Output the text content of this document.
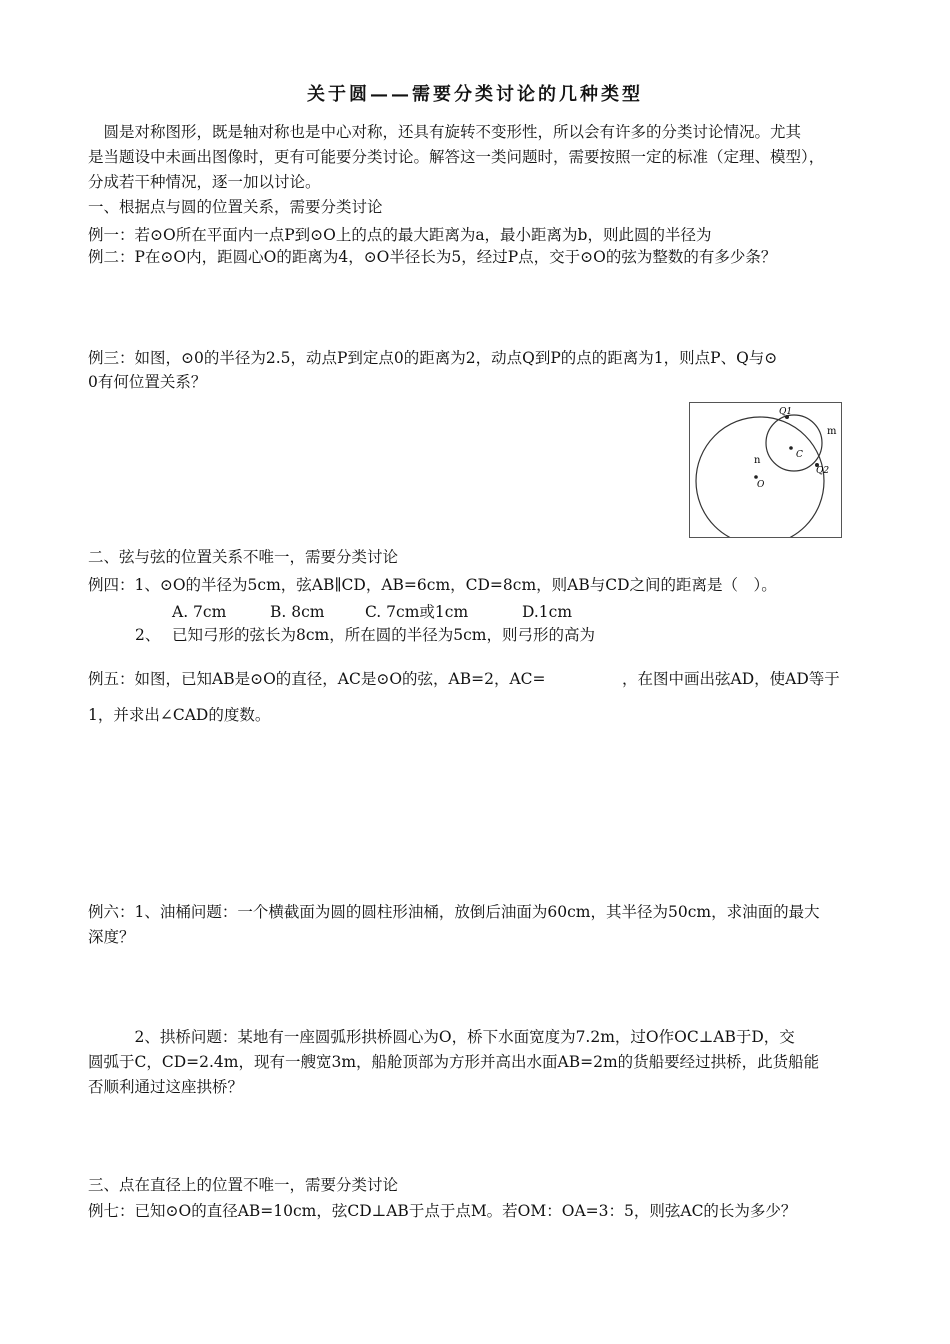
关于圆——需要分类讨论的几种类型
　圆是对称图形，既是轴对称也是中心对称，还具有旋转不变形性，所以会有许多的分类讨论情况。尤其
是当题设中未画出图像时，更有可能要分类讨论。解答这一类问题时，需要按照一定的标准（定理、模型），
分成若干种情况，逐一加以讨论。
一、根据点与圆的位置关系，需要分类讨论
例一：若⊙O所在平面内一点P到⊙O上的点的最大距离为a，最小距离为b，则此圆的半径为
例二：P在⊙O内，距圆心O的距离为4，⊙O半径长为5，经过P点，交于⊙O的弦为整数的有多少条？
例三：如图，⊙0的半径为2.5，动点P到定点0的距离为2，动点Q到P的点的距离为1，则点P、Q与⊙
0有何位置关系？
Q1
Q2
m
n	C
O
二、弦与弦的位置关系不唯一，需要分类讨论
例四：1、⊙O的半径为5cm，弦AB∥CD，AB=6cm，CD=8cm，则AB与CD之间的距离是（　）。
A. 7cm	B. 8cm	C. 7cm或1cm	D.1cm
2、 已知弓形的弦长为8cm，所在圆的半径为5cm，则弓形的高为
例五：如图，已知AB是⊙O的直径，AC是⊙O的弦，AB=2，AC=	，在图中画出弦AD，使AD等于
1，并求出∠CAD的度数。
例六：1、油桶问题：一个横截面为圆的圆柱形油桶，放倒后油面为60cm，其半径为50cm，求油面的最大
深度？
　　　2、拱桥问题：某地有一座圆弧形拱桥圆心为O，桥下水面宽度为7.2m，过O作OC⊥AB于D，交
圆弧于C，CD=2.4m，现有一艘宽3m，船舱顶部为方形并高出水面AB=2m的货船要经过拱桥，此货船能
否顺利通过这座拱桥？
三、点在直径上的位置不唯一，需要分类讨论
例七：已知⊙O的直径AB=10cm，弦CD⊥AB于点于点M。若OM：OA=3：5，则弦AC的长为多少？
